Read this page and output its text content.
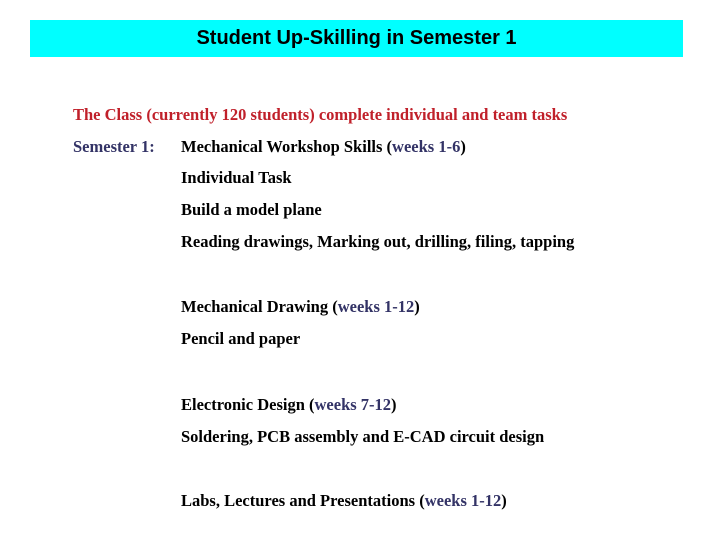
Student Up-Skilling in Semester 1
The Class (currently 120 students) complete individual and team tasks
Semester 1: Mechanical Workshop Skills (weeks 1-6)
Individual Task
Build a model plane
Reading drawings, Marking out, drilling, filing, tapping
Mechanical Drawing (weeks 1-12)
Pencil and paper
Electronic Design (weeks 7-12)
Soldering, PCB assembly and E-CAD circuit design
Labs, Lectures and Presentations (weeks 1-12)
